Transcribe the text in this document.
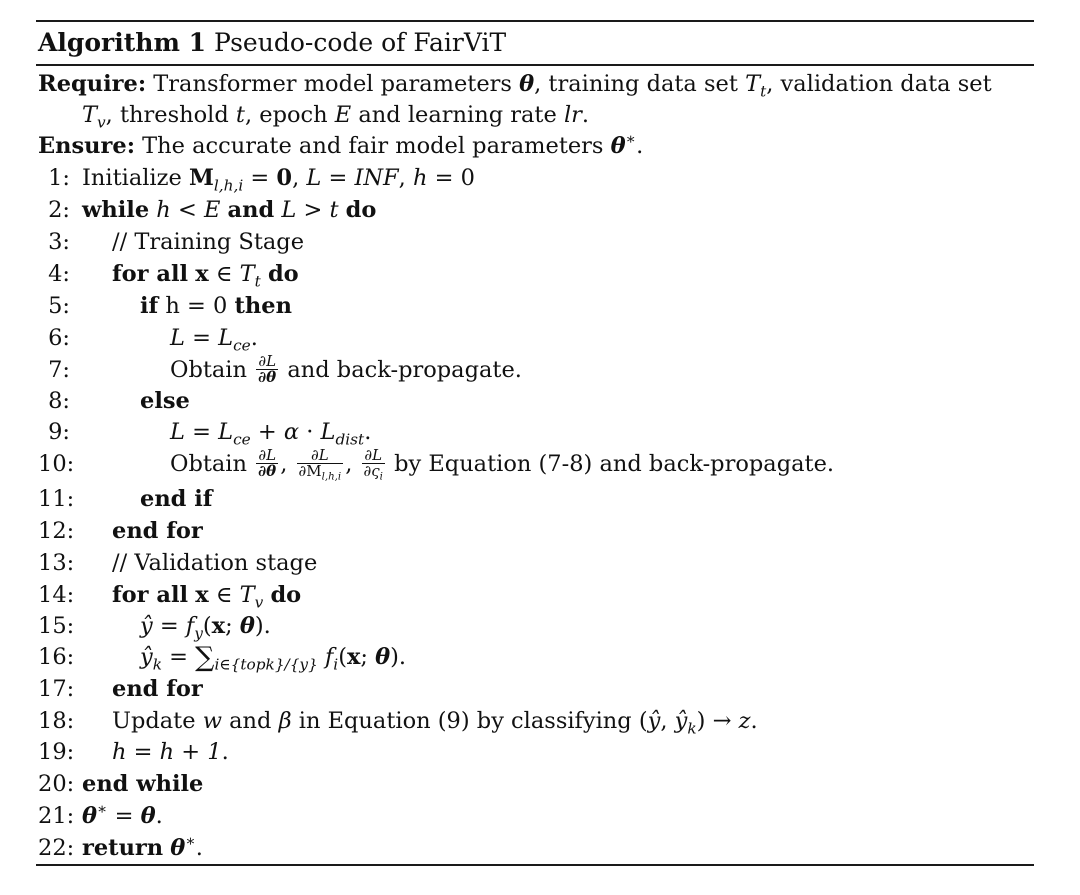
Algorithm 1 Pseudo-code of FairViT
Require: Transformer model parameters θ, training data set $T_t$, validation data set
$T_v$, threshold t, epoch E and learning rate lr.
Ensure: The accurate and fair model parameters θ∗.
1: Initialize $M_{l,h,i} = 0$, L = INF, h = 0
2: while h < E and L > t do
3: // Training Stage
4: for all x ∈ $T_t$ do
5:	if h = 0 then
6:	$L = L_{ce}$.
7:	Obtain $\frac{\partial L}{\partial\theta}$ and back-propagate.
8:	else
9:	$L = L_{ce} + \alpha \cdot L_{dist}$.
10:	Obtain $\frac{\partial L}{\partial\theta}$ , $\frac{\partial L}{\partial M_{l,h,i}}$ , $\frac{\partial L}{\partial\varsigma_i}$ by Equation (7-8) and back-propagate.
11:	end if
12: end for
13: // Validation stage
14: for all x ∈ $T_v$ do
15:	ŷ = $f_y(x$; θ).
16:	$ŷ_k = \sum_{i\in\{topk\}/\{y\}}$ $f_i(x$; θ).
17: end for
18: Update w and β in Equation (9) by classifying (ŷ, $ŷ_k) \to z$.
19: h = h + 1.
20: end while
21: θ∗ = θ.
22: return θ∗.
